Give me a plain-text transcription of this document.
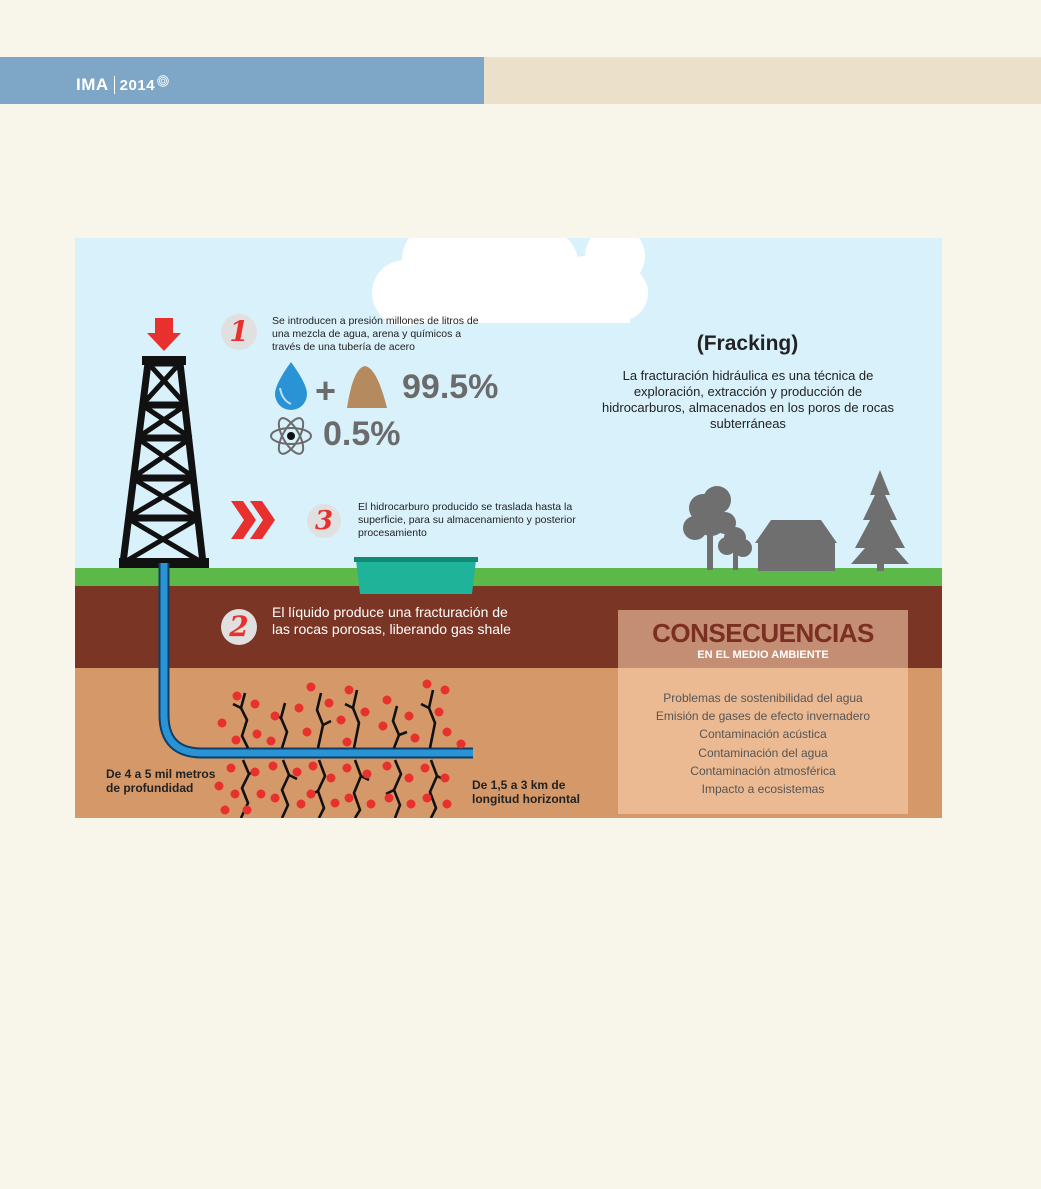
IMA 2014
+
1
3
2
Se introducen a presión millones de litros de una mezcla de agua, arena y químicos a través de una tubería de acero
El hidrocarburo producido se traslada hasta la superficie, para su almacenamiento y posterior procesamiento
El líquido produce una fracturación de las rocas porosas, liberando gas shale
99.5%
0.5%
(Fracking)
La fracturación hidráulica es una técnica de exploración, extracción y producción de hidrocarburos, almacenados en los poros de rocas subterráneas
CONSECUENCIAS
EN EL MEDIO AMBIENTE
Problemas de sostenibilidad del agua
Emisión de gases de efecto invernadero
Contaminación acústica
Contaminación del agua
Contaminación atmosférica
Impacto a ecosistemas
De 4 a 5 mil metros de profundidad	De 1,5 a 3 km de longitud horizontal
